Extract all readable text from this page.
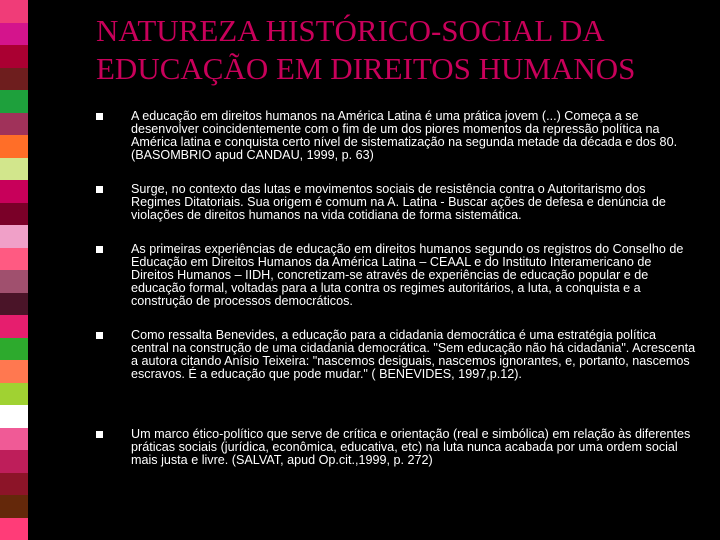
NATUREZA HISTÓRICO-SOCIAL DA EDUCAÇÃO EM DIREITOS HUMANOS
A educação em direitos humanos na América Latina é uma prática jovem (...) Começa a se desenvolver coincidentemente com o fim de um dos piores momentos da repressão política na América latina e conquista certo nível de sistematização na segunda metade da década e dos 80. (BASOMBRIO apud CANDAU, 1999, p. 63)
Surge, no contexto das lutas e movimentos sociais de resistência contra o Autoritarismo dos Regimes Ditatoriais. Sua origem é comum na A. Latina - Buscar ações de defesa e denúncia de violações de direitos humanos na vida cotidiana de forma sistemática.
As primeiras experiências de educação em direitos humanos segundo os registros do Conselho de Educação em Direitos Humanos da América Latina – CEAAL e do Instituto Interamericano de Direitos Humanos – IIDH, concretizam-se através de experiências de educação popular e de educação formal, voltadas para a luta contra os regimes autoritários, a luta, a conquista e a construção de processos democráticos.
Como ressalta Benevides, a educação para a cidadania democrática é uma estratégia política central na construção de uma cidadania democrática. "Sem educação não há cidadania". Acrescenta a autora citando Anísio Teixeira: "nascemos desiguais, nascemos ignorantes, e, portanto, nascemos escravos. É a educação que pode mudar." ( BENEVIDES, 1997,p.12).
Um marco ético-político que serve de crítica e orientação (real e simbólica) em relação às diferentes práticas sociais (jurídica, econômica, educativa, etc) na luta nunca acabada por uma ordem social mais justa e livre. (SALVAT, apud Op.cit.,1999, p. 272)
